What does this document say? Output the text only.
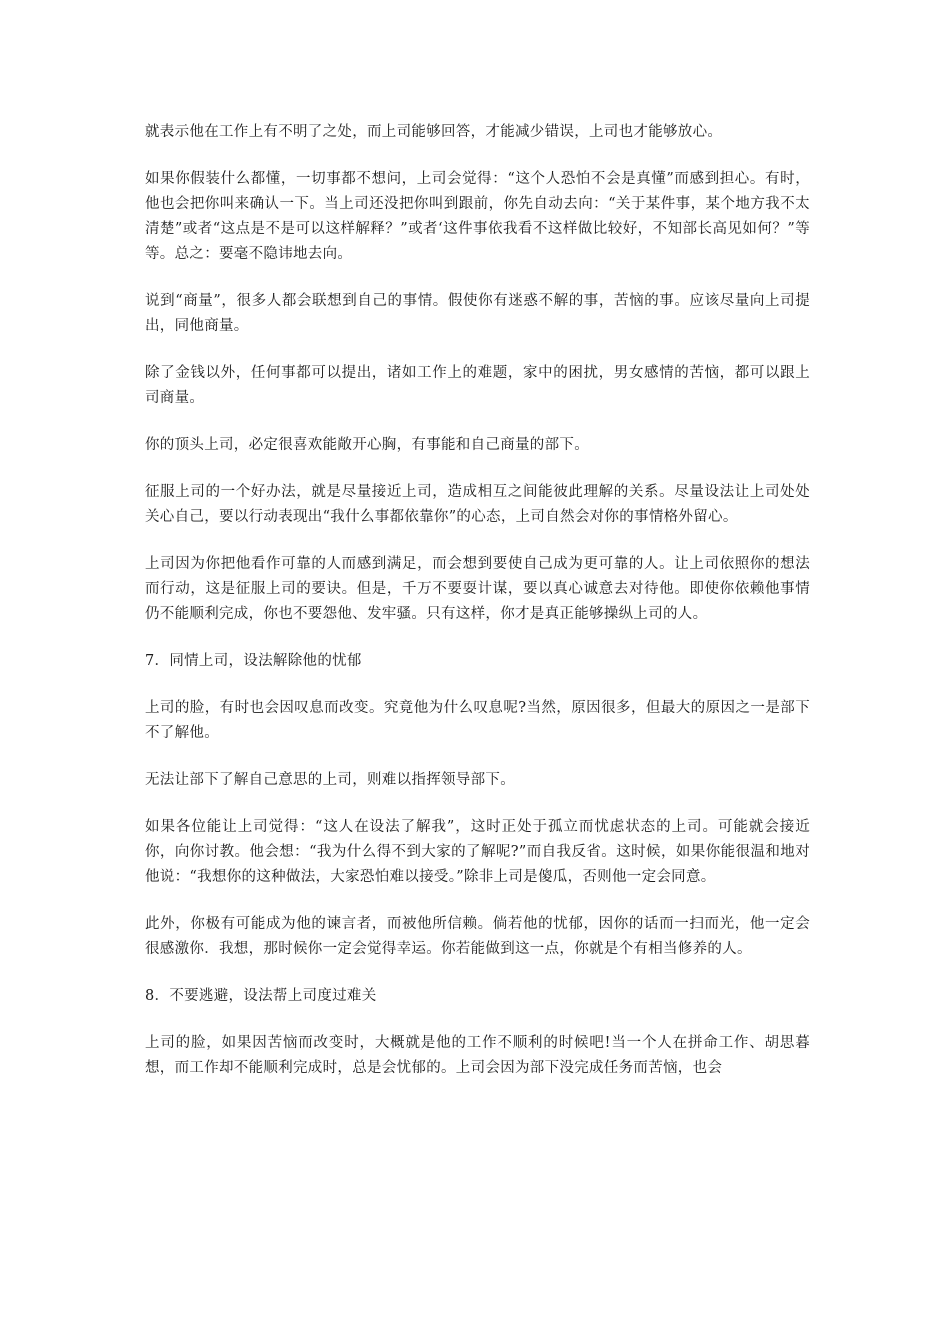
就表示他在工作上有不明了之处，而上司能够回答，才能减少错误，上司也才能够放心。

如果你假装什么都懂，一切事都不想问，上司会觉得：“这个人恐怕不会是真懂”而感到担心。有时，他也会把你叫来确认一下。当上司还没把你叫到跟前，你先自动去向：“关于某件事，某个地方我不太清楚”或者“这点是不是可以这样解释？”或者‘这件事依我看不这样做比较好，不知部长高见如何？”等等。总之：要毫不隐讳地去向。

说到“商量”，很多人都会联想到自己的事情。假使你有迷惑不解的事，苦恼的事。应该尽量向上司提出，同他商量。

除了金钱以外，任何事都可以提出，诸如工作上的难题，家中的困扰，男女感情的苦恼，都可以跟上司商量。

你的顶头上司，必定很喜欢能敞开心胸，有事能和自己商量的部下。

征服上司的一个好办法，就是尽量接近上司，造成相互之间能彼此理解的关系。尽量设法让上司处处关心自己，要以行动表现出“我什么事都依靠你”的心态，上司自然会对你的事情格外留心。

上司因为你把他看作可靠的人而感到满足，而会想到要使自己成为更可靠的人。让上司依照你的想法而行动，这是征服上司的要诀。但是，千万不要耍计谋，要以真心诚意去对待他。即使你依赖他事情仍不能顺利完成，你也不要怨他、发牢骚。只有这样，你才是真正能够操纵上司的人。

7．同情上司，设法解除他的忧郁

上司的脸，有时也会因叹息而改变。究竟他为什么叹息呢?当然，原因很多，但最大的原因之一是部下不了解他。

无法让部下了解自己意思的上司，则难以指挥领导部下。

如果各位能让上司觉得：“这人在设法了解我”，这时正处于孤立而忧虑状态的上司。可能就会接近你，向你讨教。他会想：“我为什么得不到大家的了解呢?”而自我反省。这时候，如果你能很温和地对他说：“我想你的这种做法，大家恐怕难以接受。”除非上司是傻瓜，否则他一定会同意。

此外，你极有可能成为他的谏言者，而被他所信赖。倘若他的忧郁，因你的话而一扫而光，他一定会很感激你．我想，那时候你一定会觉得幸运。你若能做到这一点，你就是个有相当修养的人。

8．不要逃避，设法帮上司度过难关

上司的脸，如果因苦恼而改变时，大概就是他的工作不顺利的时候吧!当一个人在拼命工作、胡思暮想，而工作却不能顺利完成时，总是会忧郁的。上司会因为部下没完成任务而苦恼，也会
